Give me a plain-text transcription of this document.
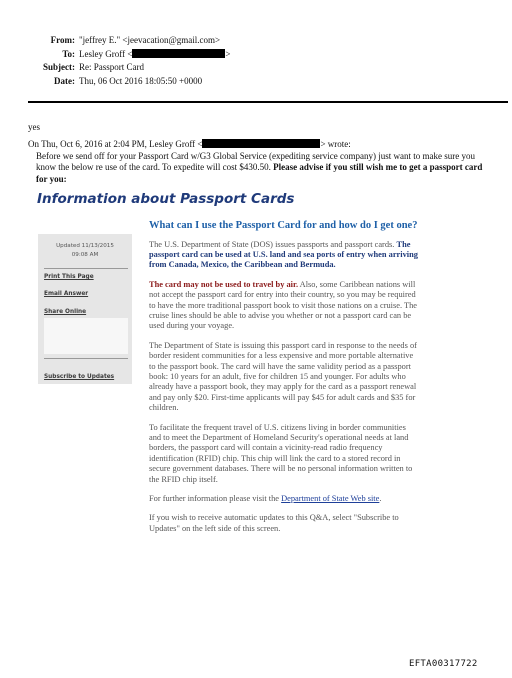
From: "jeffrey E." <jeevacation@gmail.com>
To: Lesley Groff <	>
Subject: Re: Passport Card
Date: Thu, 06 Oct 2016 18:05:50 +0000
yes
On Thu, Oct 6, 2016 at 2:04 PM, Lesley Groff <	> wrote:
Before we send off for your Passport Card w/G3 Global Service (expediting service company) just want to make sure you know the below re use of the card. To expedite will cost $430.50. Please advise if you still wish me to get a passport card for you:
Information about Passport Cards
Updated 11/13/2015
09:08 AM
Print This Page
Email Answer
Share Online
Subscribe to Updates
What can I use the Passport Card for and how do I get one?

The U.S. Department of State (DOS) issues passports and passport cards. The passport card can be used at U.S. land and sea ports of entry when arriving from Canada, Mexico, the Caribbean and Bermuda.

The card may not be used to travel by air. Also, some Caribbean nations will not accept the passport card for entry into their country, so you may be required to have the more traditional passport book to visit those nations on a cruise. The cruise lines should be able to advise you whether or not a passport card can be used during your voyage.

The Department of State is issuing this passport card in response to the needs of border resident communities for a less expensive and more portable alternative to the passport book. The card will have the same validity period as a passport book: 10 years for an adult, five for children 15 and younger. For adults who already have a passport book, they may apply for the card as a passport renewal and pay only $20. First-time applicants will pay $45 for adult cards and $35 for children.

To facilitate the frequent travel of U.S. citizens living in border communities and to meet the Department of Homeland Security's operational needs at land borders, the passport card will contain a vicinity-read radio frequency identification (RFID) chip. This chip will link the card to a stored record in secure government databases. There will be no personal information written to the RFID chip itself.

For further information please visit the Department of State Web site.

If you wish to receive automatic updates to this Q&A, select "Subscribe to Updates" on the left side of this screen.

EFTA00317722
